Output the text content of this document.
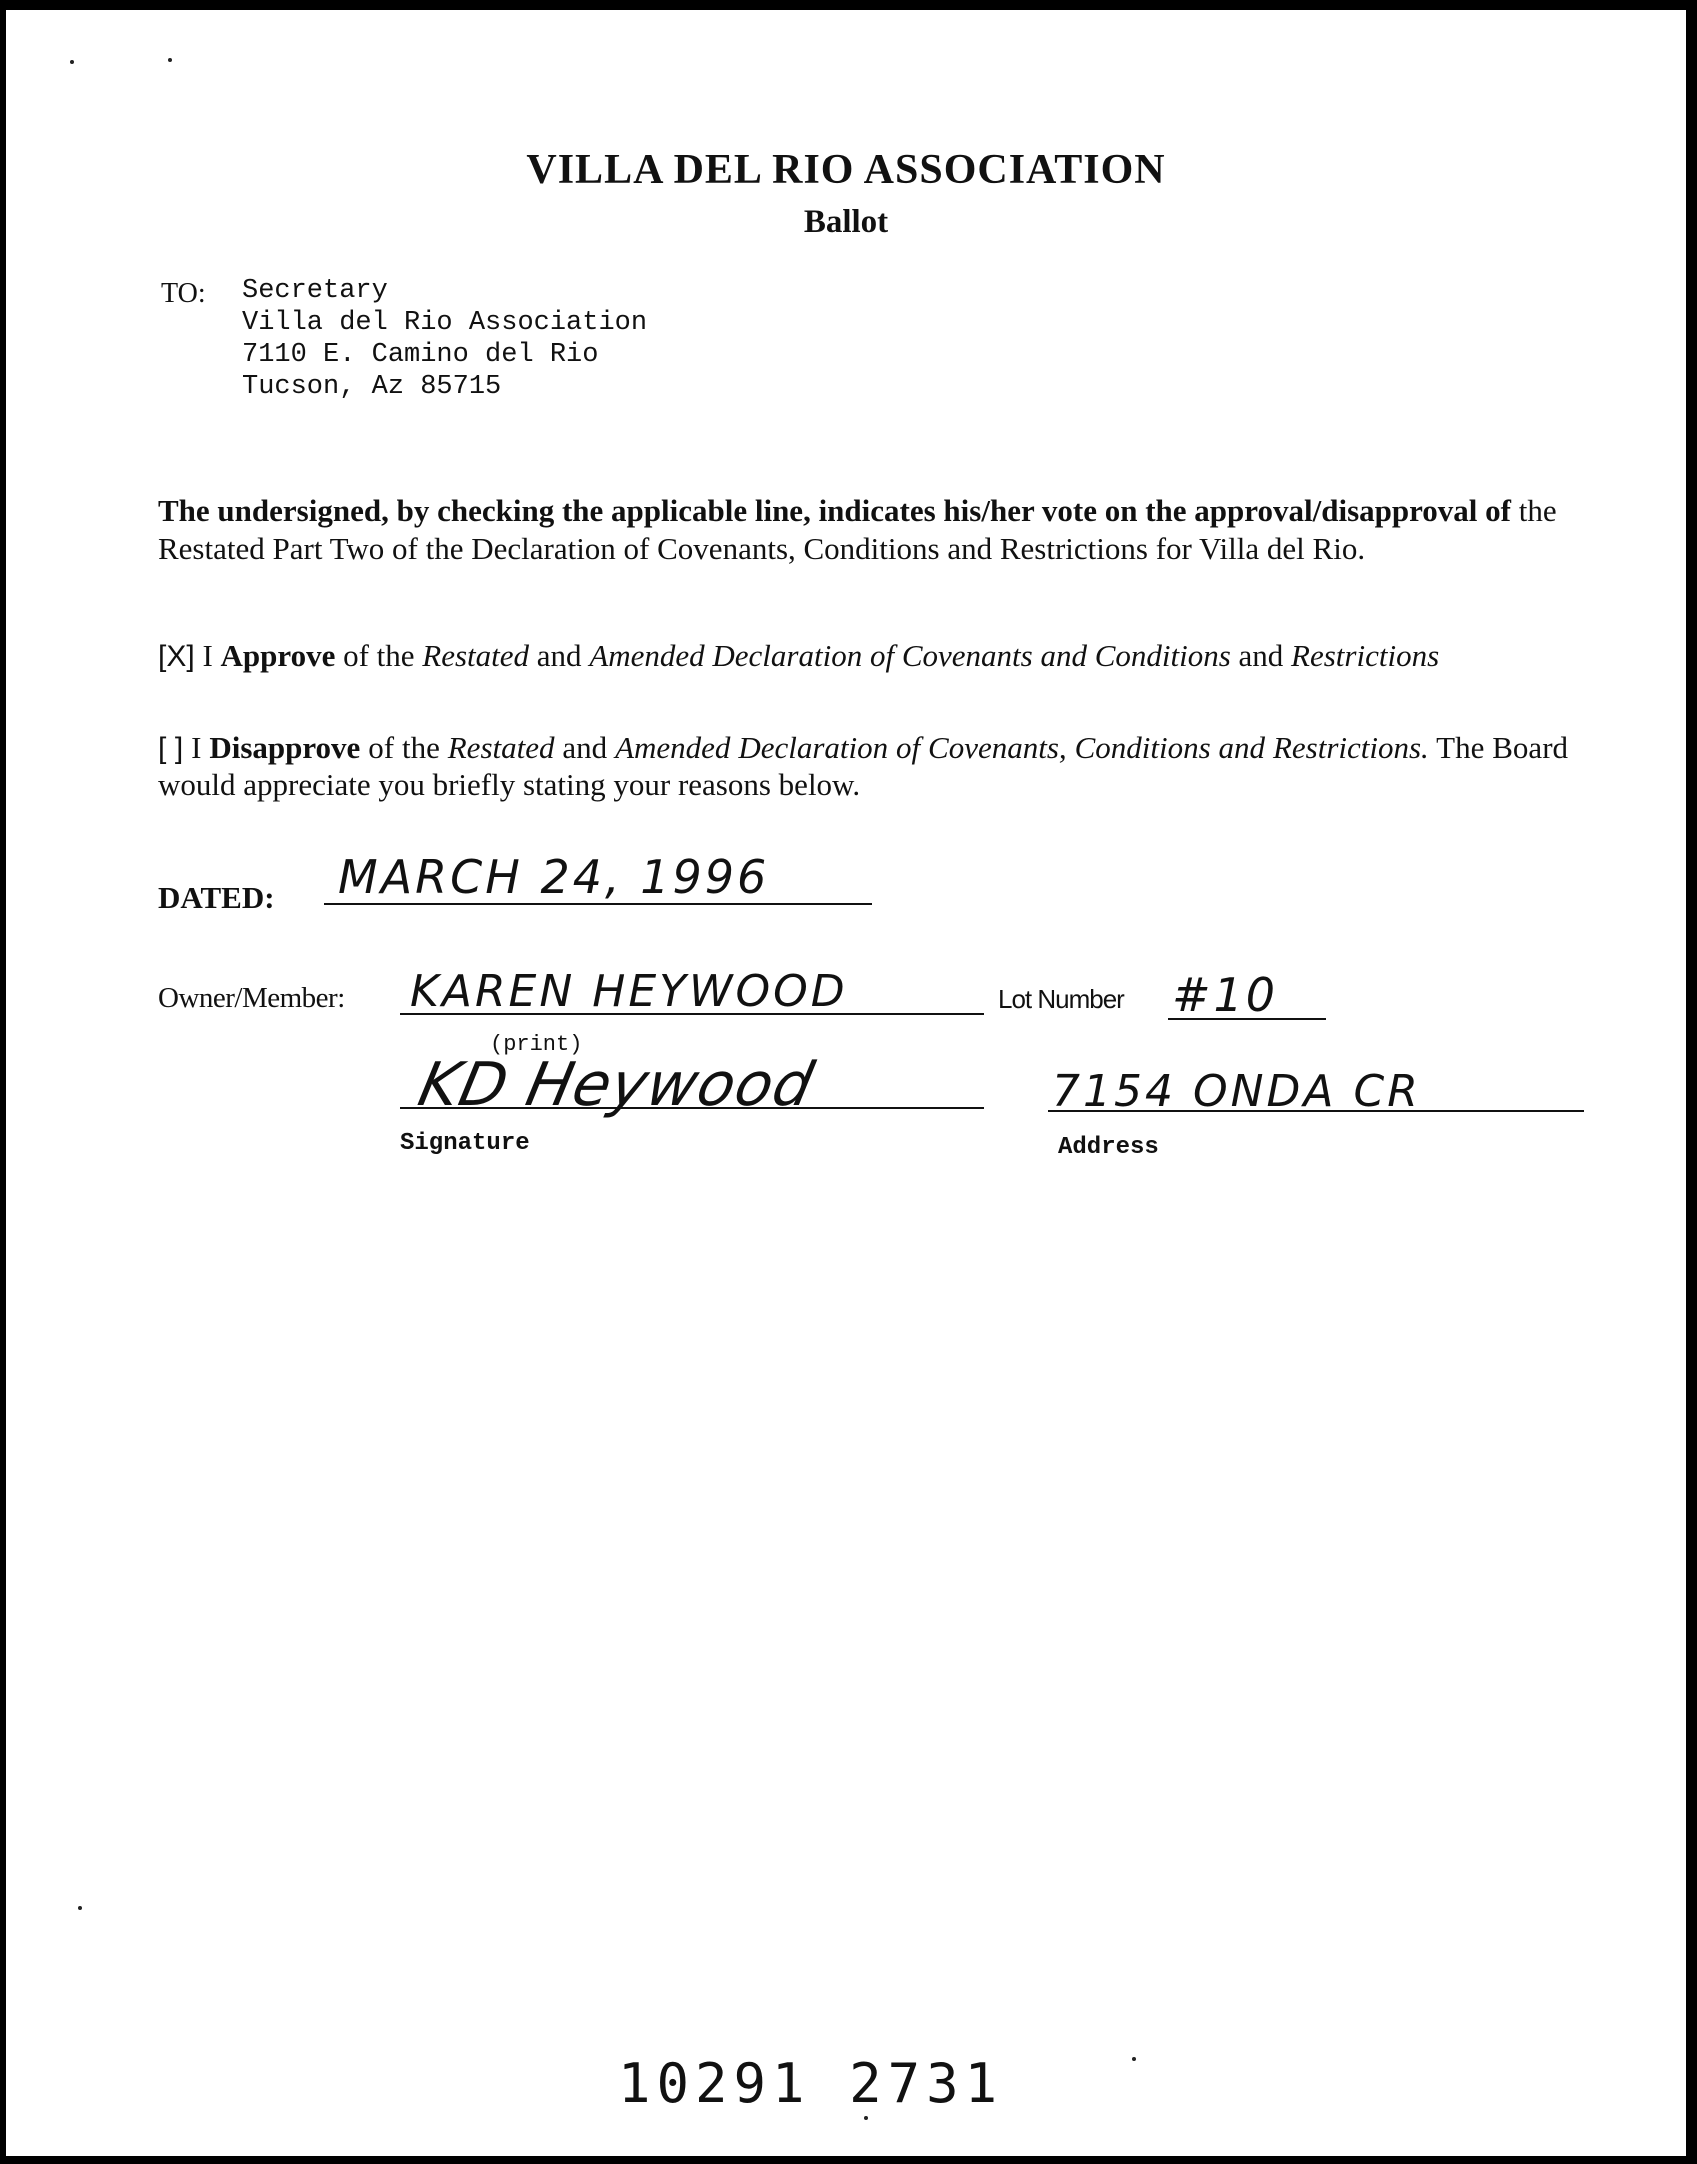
VILLA DEL RIO ASSOCIATION
Ballot
TO: Secretary
Villa del Rio Association
7110 E. Camino del Rio
Tucson, Az 85715
The undersigned, by checking the applicable line, indicates his/her vote on the approval/disapproval of the Restated Part Two of the Declaration of Covenants, Conditions and Restrictions for Villa del Rio.
[X] I Approve of the Restated and Amended Declaration of Covenants and Conditions and Restrictions
[ ] I Disapprove of the Restated and Amended Declaration of Covenants, Conditions and Restrictions. The Board would appreciate you briefly stating your reasons below.
DATED: MARCH 24, 1996
Owner/Member: KAREN HEYWOOD
(print)
Lot Number #10
KD Heywood
Signature
7154 ONDA CR
Address
10291 2731
